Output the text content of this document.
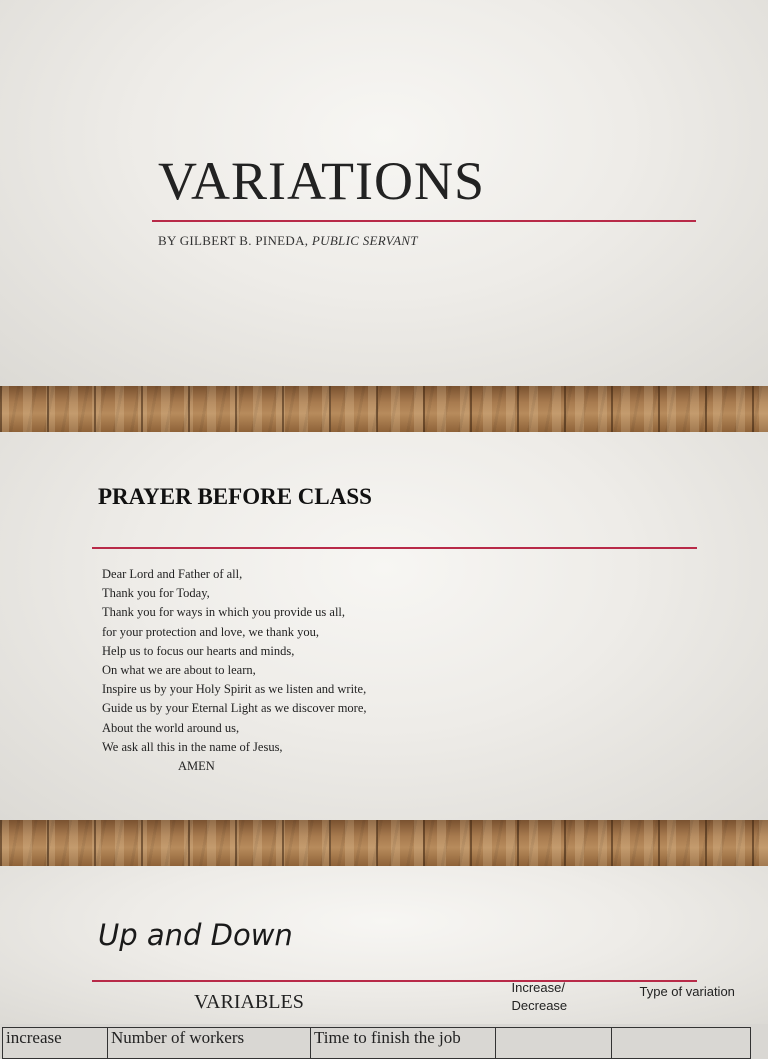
VARIATIONS
BY GILBERT B. PINEDA, PUBLIC SERVANT
PRAYER BEFORE CLASS
Dear Lord and Father of all,
Thank you for Today,
Thank you for ways in which you provide us all,
for your protection and love, we thank you,
Help us to focus our hearts and minds,
On what we are about to learn,
Inspire us by your Holy Spirit as we listen and write,
Guide us by your Eternal Light as we discover more,
About the world around us,
We ask all this in the name of Jesus,
AMEN
Up and Down
VARIABLES			Increase/ Decrease	Type of variation
increase	Number of workers	Time to finish the job		
